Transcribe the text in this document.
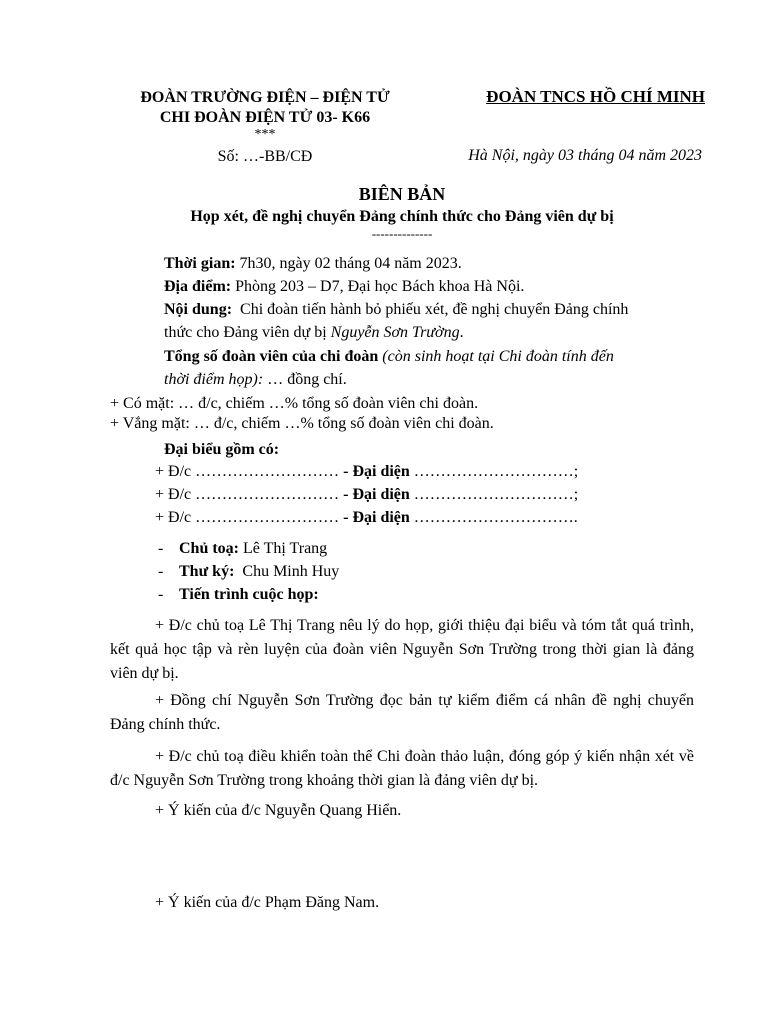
ĐOÀN TRƯỜNG ĐIỆN – ĐIỆN TỬ
CHI ĐOÀN ĐIỆN TỬ 03- K66
***
Số: …-BB/CĐ
ĐOÀN TNCS HỒ CHÍ MINH
Hà Nội, ngày 03 tháng 04 năm 2023
BIÊN BẢN
Họp xét, đề nghị chuyển Đảng chính thức cho Đảng viên dự bị
--------------
Thời gian: 7h30, ngày 02 tháng 04 năm 2023.
Địa điểm: Phòng 203 – D7, Đại học Bách khoa Hà Nội.
Nội dung: Chi đoàn tiến hành bỏ phiếu xét, đề nghị chuyển Đảng chính
thức cho Đảng viên dự bị Nguyễn Sơn Trường.
Tổng số đoàn viên của chi đoàn (còn sinh hoạt tại Chi đoàn tính đến
thời điểm họp): … đồng chí.
+ Có mặt: … đ/c, chiếm …% tổng số đoàn viên chi đoàn.
+ Vắng mặt: … đ/c, chiếm …% tổng số đoàn viên chi đoàn.
Đại biểu gồm có:
+ Đ/c ……………………… - Đại diện …………………………;
+ Đ/c ……………………… - Đại diện …………………………;
+ Đ/c ……………………… - Đại diện ………………………….
- Chủ toạ: Lê Thị Trang
- Thư ký: Chu Minh Huy
- Tiến trình cuộc họp:
+ Đ/c chủ toạ Lê Thị Trang nêu lý do họp, giới thiệu đại biểu và tóm tắt quá trình, kết quả học tập và rèn luyện của đoàn viên Nguyễn Sơn Trường trong thời gian là đảng viên dự bị.
+ Đồng chí Nguyễn Sơn Trường đọc bản tự kiểm điểm cá nhân đề nghị chuyển Đảng chính thức.
+ Đ/c chủ toạ điều khiển toàn thể Chi đoàn thảo luận, đóng góp ý kiến nhận xét về đ/c Nguyễn Sơn Trường trong khoảng thời gian là đảng viên dự bị.
+ Ý kiến của đ/c Nguyễn Quang Hiển.
+ Ý kiến của đ/c Phạm Đăng Nam.
